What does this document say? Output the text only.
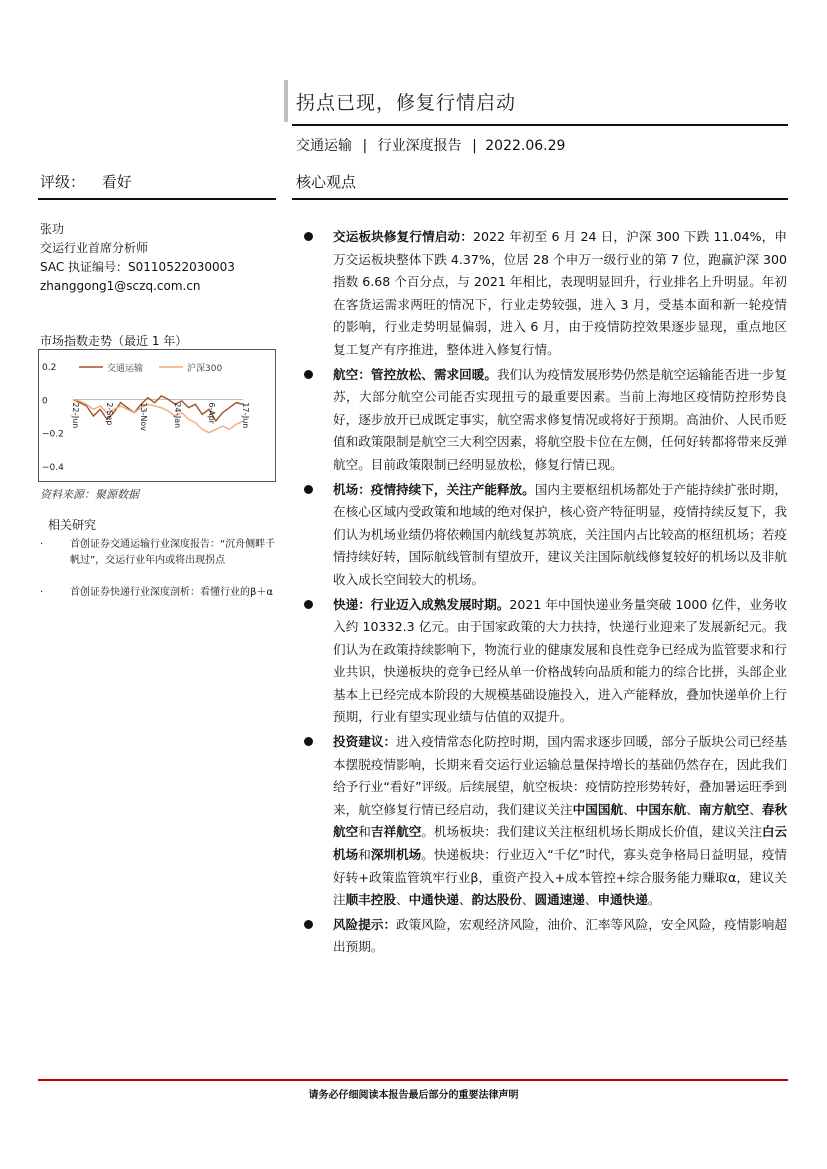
拐点已现，修复行情启动
交通运输 | 行业深度报告 | 2022.06.29
评级： 看好	核心观点
张功
交运行业首席分析师
SAC 执证编号：S0110522030003
zhanggong1@sczq.com.cn
市场指数走势（最近 1 年）
0.2
0
−0.2
−0.4
22-Jun	2-Sep	13-Nov	24-Jan	6-Apr	17-Jun
交通运输	沪深300
资料来源：聚源数据
相关研究
·	首创证券交通运输行业深度报告：“沉舟侧畔千帆过”，交运行业年内或将出现拐点
·	首创证券快递行业深度剖析：看懂行业的β＋α
交运板块修复行情启动：2022 年初至 6 月 24 日，沪深 300 下跌 11.04%，申万交运板块整体下跌 4.37%，位居 28 个申万一级行业的第 7 位，跑赢沪深 300 指数 6.68 个百分点，与 2021 年相比，表现明显回升，行业排名上升明显。年初在客货运需求两旺的情况下，行业走势较强，进入 3 月，受基本面和新一轮疫情的影响，行业走势明显偏弱，进入 6 月，由于疫情防控效果逐步显现，重点地区复工复产有序推进，整体进入修复行情。
航空：管控放松、需求回暖。我们认为疫情发展形势仍然是航空运输能否进一步复苏，大部分航空公司能否实现扭亏的最重要因素。当前上海地区疫情防控形势良好，逐步放开已成既定事实，航空需求修复情况或将好于预期。高油价、人民币贬值和政策限制是航空三大利空因素，将航空股卡位在左侧，任何好转都将带来反弹航空。目前政策限制已经明显放松，修复行情已现。
机场：疫情持续下，关注产能释放。国内主要枢纽机场都处于产能持续扩张时期，在核心区域内受政策和地域的绝对保护，核心资产特征明显，疫情持续反复下，我们认为机场业绩仍将依赖国内航线复苏筑底，关注国内占比较高的枢纽机场；若疫情持续好转，国际航线管制有望放开，建议关注国际航线修复较好的机场以及非航收入成长空间较大的机场。
快递：行业迈入成熟发展时期。2021 年中国快递业务量突破 1000 亿件，业务收入约 10332.3 亿元。由于国家政策的大力扶持，快递行业迎来了发展新纪元。我们认为在政策持续影响下，物流行业的健康发展和良性竞争已经成为监管要求和行业共识，快递板块的竞争已经从单一价格战转向品质和能力的综合比拼，头部企业基本上已经完成本阶段的大规模基础设施投入，进入产能释放，叠加快递单价上行预期，行业有望实现业绩与估值的双提升。
投资建议：进入疫情常态化防控时期，国内需求逐步回暖，部分子版块公司已经基本摆脱疫情影响，长期来看交运行业运输总量保持增长的基础仍然存在，因此我们给予行业“看好”评级。后续展望，航空板块：疫情防控形势转好，叠加暑运旺季到来，航空修复行情已经启动，我们建议关注中国国航、中国东航、南方航空、春秋航空和吉祥航空。机场板块：我们建议关注枢纽机场长期成长价值，建议关注白云机场和深圳机场。快递板块：行业迈入“千亿”时代，寡头竞争格局日益明显，疫情好转+政策监管筑牢行业β，重资产投入+成本管控+综合服务能力赚取α，建议关注顺丰控股、中通快递、韵达股份、圆通速递、申通快递。
风险提示：政策风险，宏观经济风险，油价、汇率等风险，安全风险，疫情影响超出预期。
请务必仔细阅读本报告最后部分的重要法律声明
